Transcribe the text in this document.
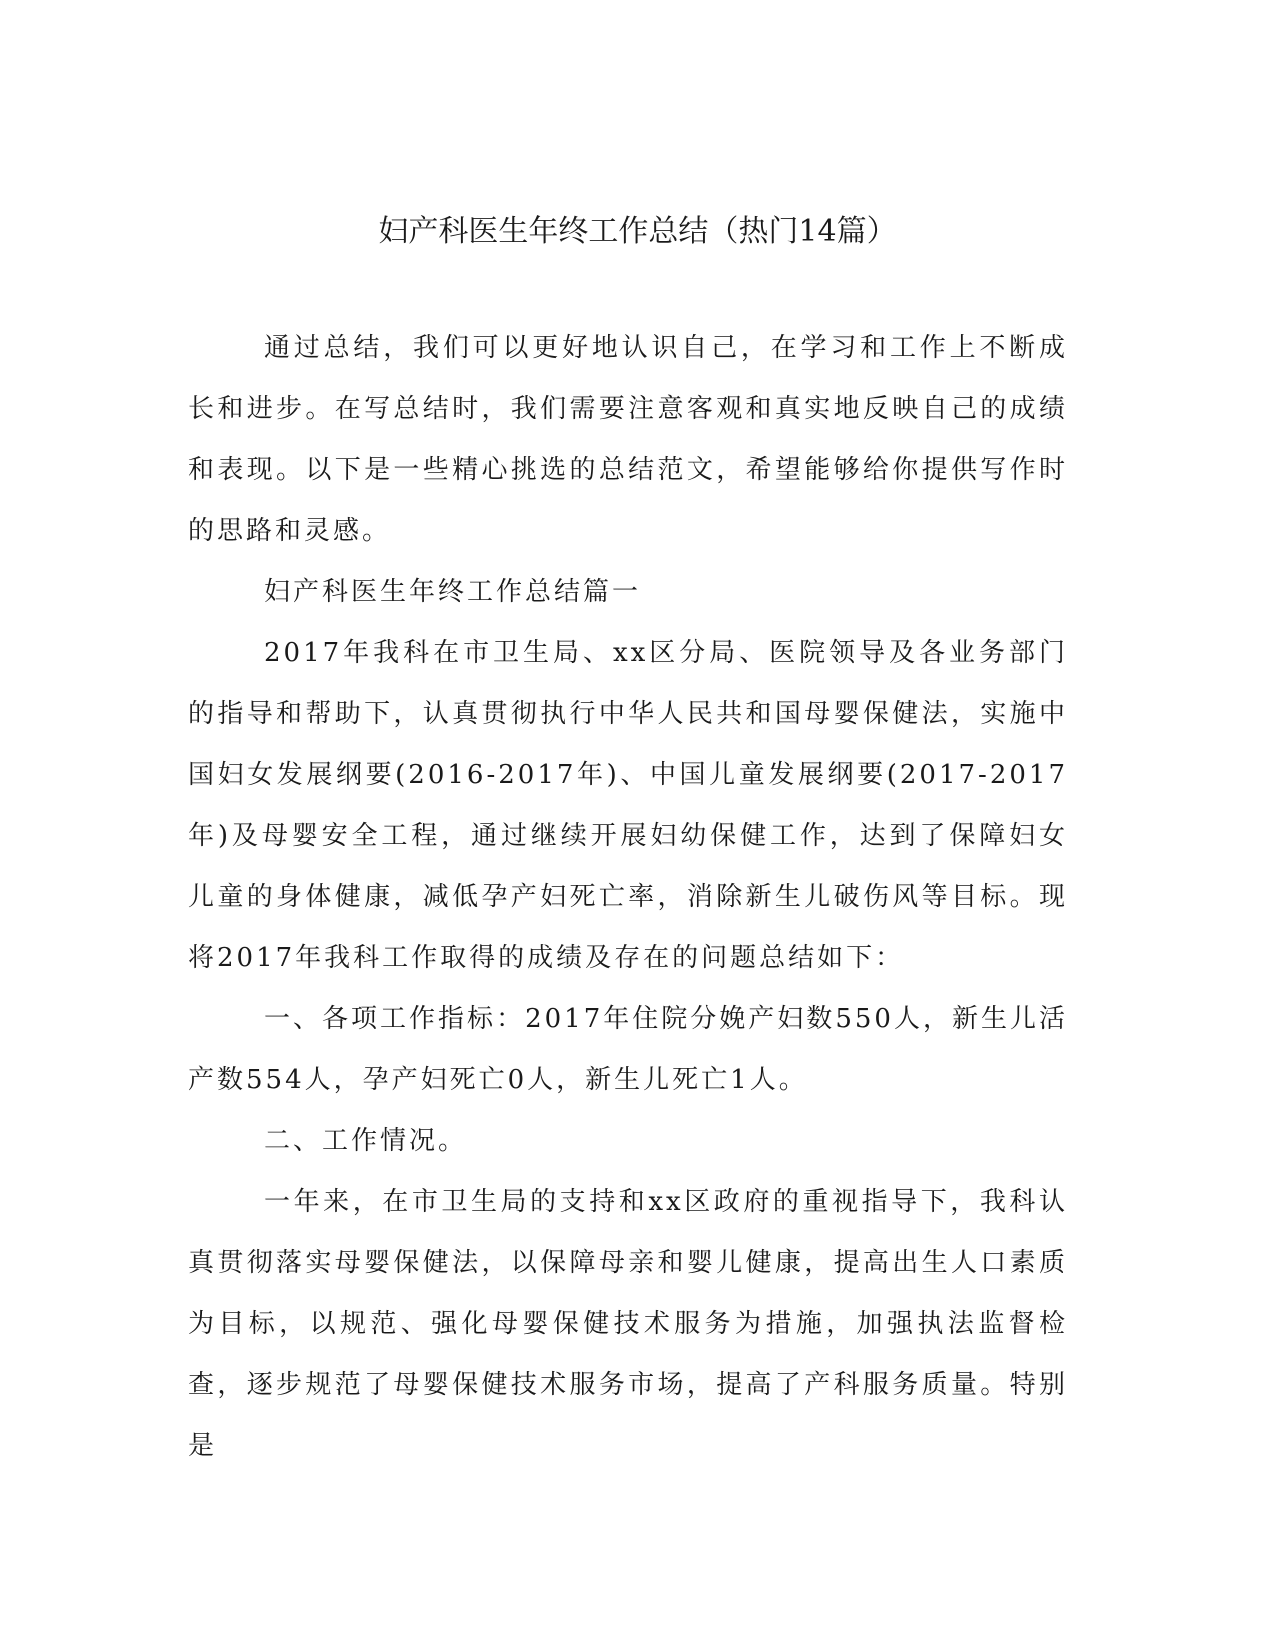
妇产科医生年终工作总结（热门14篇）

通过总结，我们可以更好地认识自己，在学习和工作上不断成长和进步。在写总结时，我们需要注意客观和真实地反映自己的成绩和表现。以下是一些精心挑选的总结范文，希望能够给你提供写作时的思路和灵感。

妇产科医生年终工作总结篇一

2017年我科在市卫生局、xx区分局、医院领导及各业务部门的指导和帮助下，认真贯彻执行中华人民共和国母婴保健法，实施中国妇女发展纲要(2016-2017年)、中国儿童发展纲要(2017-2017年)及母婴安全工程，通过继续开展妇幼保健工作，达到了保障妇女儿童的身体健康，减低孕产妇死亡率，消除新生儿破伤风等目标。现将2017年我科工作取得的成绩及存在的问题总结如下：

一、各项工作指标：2017年住院分娩产妇数550人，新生儿活产数554人，孕产妇死亡0人，新生儿死亡1人。

二、工作情况。

一年来，在市卫生局的支持和xx区政府的重视指导下，我科认真贯彻落实母婴保健法，以保障母亲和婴儿健康，提高出生人口素质为目标，以规范、强化母婴保健技术服务为措施，加强执法监督检查，逐步规范了母婴保健技术服务市场，提高了产科服务质量。特别是
